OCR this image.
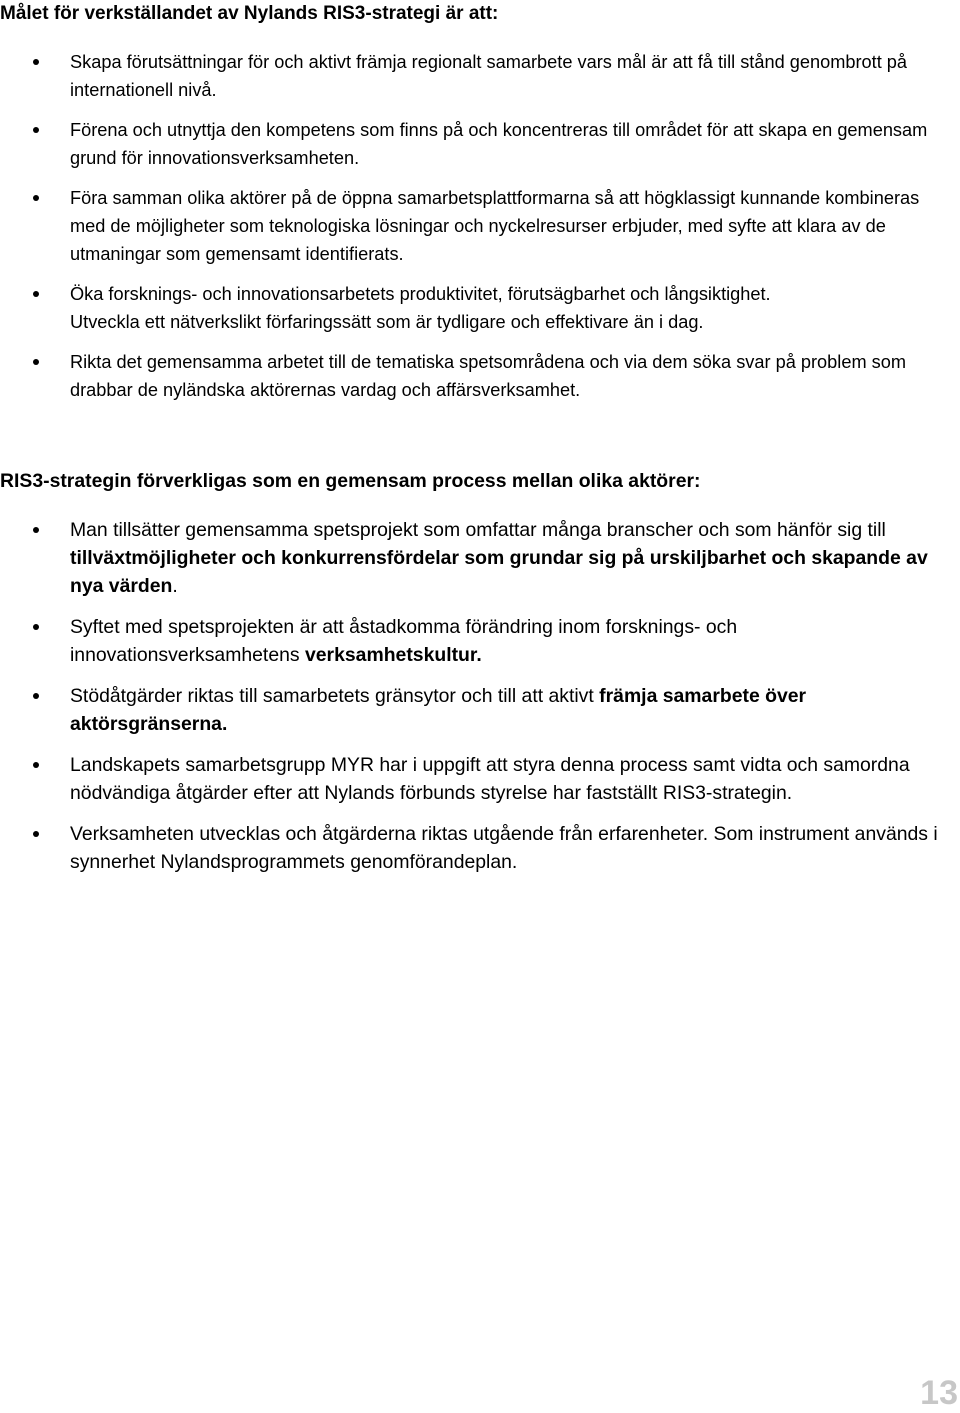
Målet för verkställandet av Nylands RIS3-strategi är att:
Skapa förutsättningar för och aktivt främja regionalt samarbete vars mål är att få till stånd genombrott på internationell nivå.
Förena och utnyttja den kompetens som finns på och koncentreras till området för att skapa en gemensam grund för innovationsverksamheten.
Föra samman olika aktörer på de öppna samarbetsplattformarna så att högklassigt kunnande kombineras med de möjligheter som teknologiska lösningar och nyckelresurser erbjuder, med syfte att klara av de utmaningar som gemensamt identifierats.
Öka forsknings- och innovationsarbetets produktivitet, förutsägbarhet och långsiktighet.
Utveckla ett nätverkslikt förfaringssätt som är tydligare och effektivare än i dag.
Rikta det gemensamma arbetet till de tematiska spetsområdena och via dem söka svar på problem som drabbar de nyländska aktörernas vardag och affärsverksamhet.
RIS3-strategin förverkligas som en gemensam process mellan olika aktörer:
Man tillsätter gemensamma spetsprojekt som omfattar många branscher och som hänför sig till tillväxtmöjligheter och konkurrensfördelar som grundar sig på urskiljbarhet och skapande av nya värden.
Syftet med spetsprojekten är att åstadkomma förändring inom forsknings- och innovationsverksamhetens verksamhetskultur.
Stödåtgärder riktas till samarbetets gränsytor och till att aktivt främja samarbete över aktörsgränserna.
Landskapets samarbetsgrupp MYR har i uppgift att styra denna process samt vidta och samordna nödvändiga åtgärder efter att Nylands förbunds styrelse har fastställt RIS3-strategin.
Verksamheten utvecklas och åtgärderna riktas utgående från erfarenheter. Som instrument används i synnerhet Nylandsprogrammets genomförandeplan.
13
